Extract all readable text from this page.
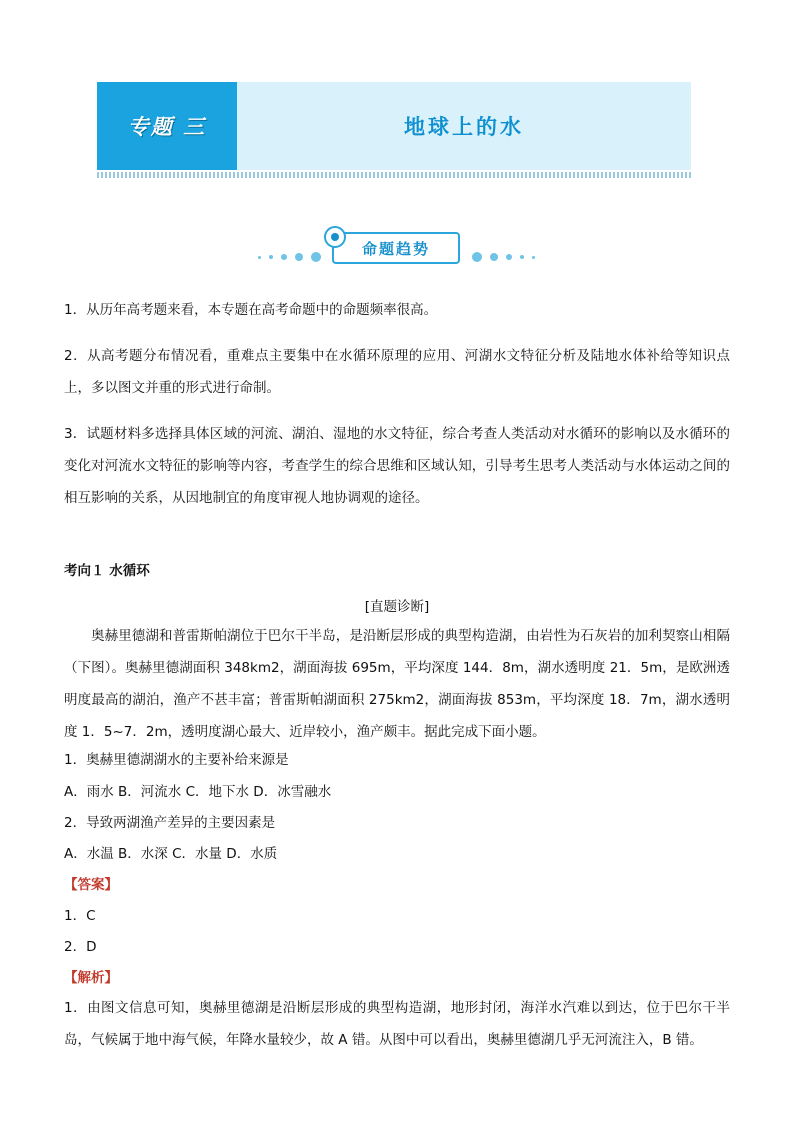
专题 三	地球上的水
命题趋势
1．从历年高考题来看，本专题在高考命题中的命题频率很高。
2．从高考题分布情况看，重难点主要集中在水循环原理的应用、河湖水文特征分析及陆地水体补给等知识点上，多以图文并重的形式进行命制。
3．试题材料多选择具体区域的河流、湖泊、湿地的水文特征，综合考查人类活动对水循环的影响以及水循环的变化对河流水文特征的影响等内容，考查学生的综合思维和区域认知，引导考生思考人类活动与水体运动之间的相互影响的关系，从因地制宜的角度审视人地协调观的途径。
考向１ 水循环
[直题诊断]
奥赫里德湖和普雷斯帕湖位于巴尔干半岛，是沿断层形成的典型构造湖，由岩性为石灰岩的加利契察山相隔（下图）。奥赫里德湖面积 348km2，湖面海拔 695m，平均深度 144．8m，湖水透明度 21．5m，是欧洲透明度最高的湖泊，渔产不甚丰富；普雷斯帕湖面积 275km2，湖面海拔 853m，平均深度 18．7m，湖水透明度 1．5~7．2m，透明度湖心最大、近岸较小，渔产颇丰。据此完成下面小题。
1．奥赫里德湖湖水的主要补给来源是
A．雨水 B．河流水 C．地下水 D．冰雪融水
2．导致两湖渔产差异的主要因素是
A．水温 B．水深 C．水量 D．水质
【答案】
1．C
2．D
【解析】
1．由图文信息可知，奥赫里德湖是沿断层形成的典型构造湖，地形封闭，海洋水汽难以到达，位于巴尔干半岛，气候属于地中海气候，年降水量较少，故 A 错。从图中可以看出，奥赫里德湖几乎无河流注入，B 错。
